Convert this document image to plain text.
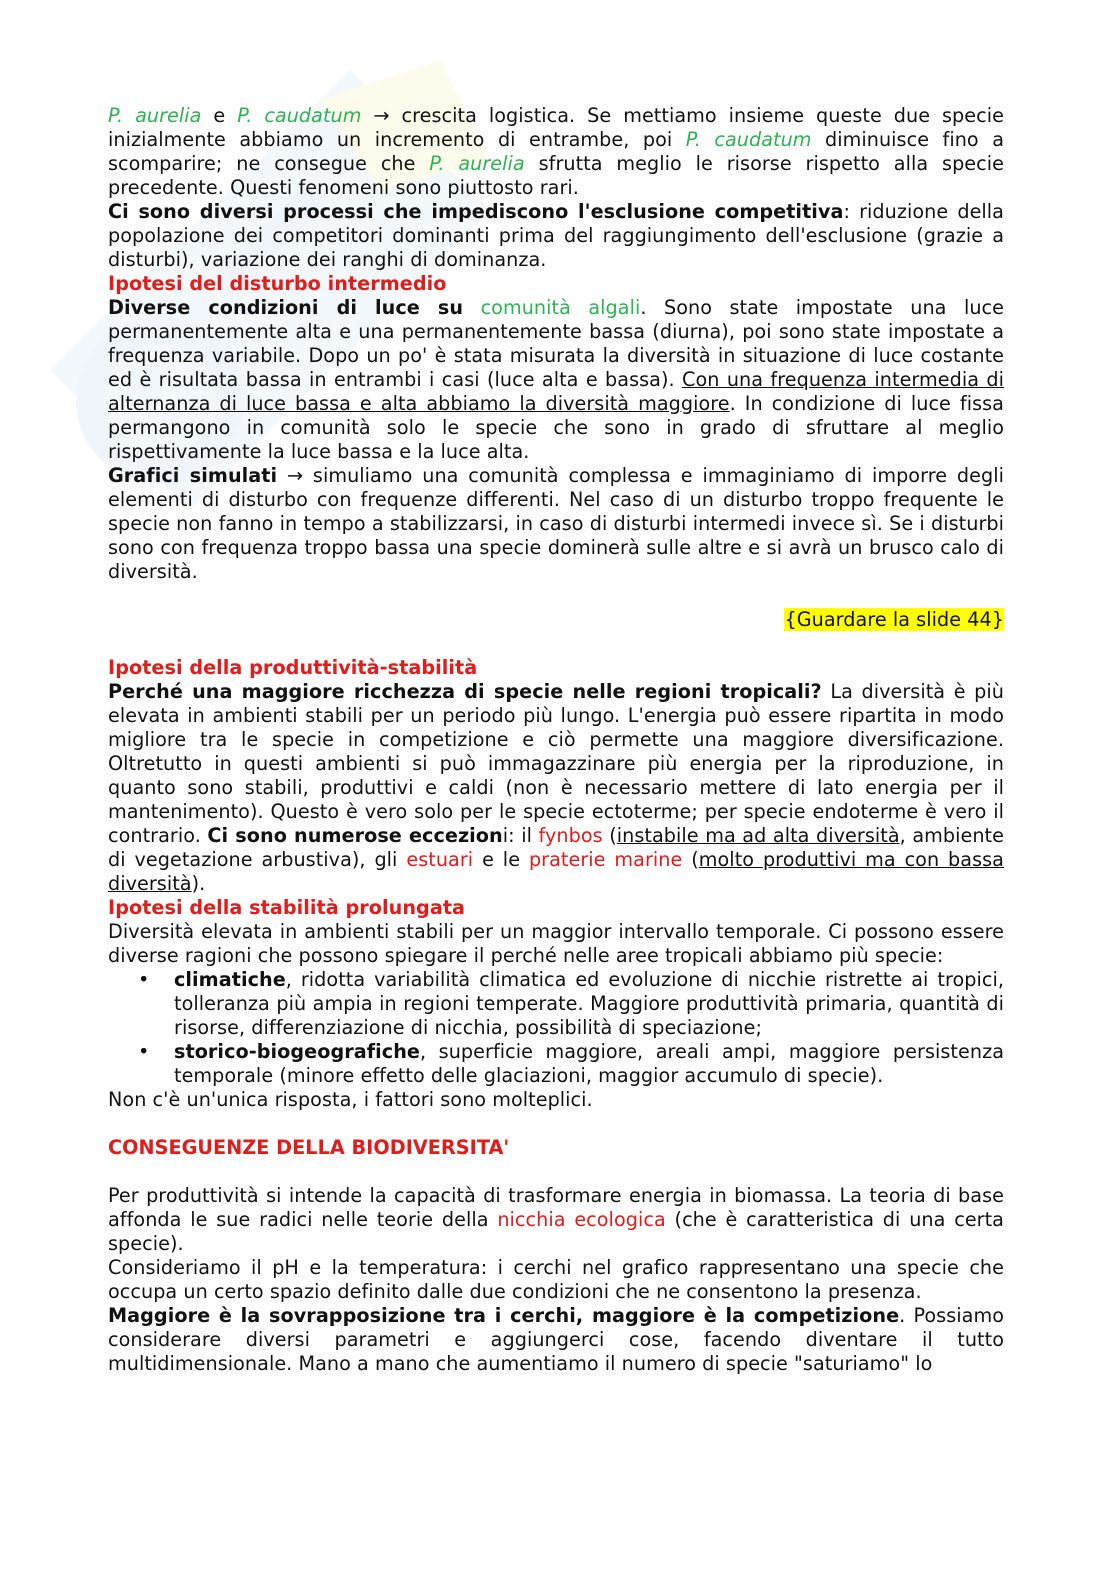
P. aurelia e P. caudatum → crescita logistica. Se mettiamo insieme queste due specie inizialmente abbiamo un incremento di entrambe, poi P. caudatum diminuisce fino a scomparire; ne consegue che P. aurelia sfrutta meglio le risorse rispetto alla specie precedente. Questi fenomeni sono piuttosto rari.

Ci sono diversi processi che impediscono l'esclusione competitiva: riduzione della popolazione dei competitori dominanti prima del raggiungimento dell'esclusione (grazie a disturbi), variazione dei ranghi di dominanza.

Ipotesi del disturbo intermedio

Diverse condizioni di luce su comunità algali. Sono state impostate una luce permanentemente alta e una permanentemente bassa (diurna), poi sono state impostate a frequenza variabile. Dopo un po' è stata misurata la diversità in situazione di luce costante ed è risultata bassa in entrambi i casi (luce alta e bassa). Con una frequenza intermedia di alternanza di luce bassa e alta abbiamo la diversità maggiore. In condizione di luce fissa permangono in comunità solo le specie che sono in grado di sfruttare al meglio rispettivamente la luce bassa e la luce alta.

Grafici simulati → simuliamo una comunità complessa e immaginiamo di imporre degli elementi di disturbo con frequenze differenti. Nel caso di un disturbo troppo frequente le specie non fanno in tempo a stabilizzarsi, in caso di disturbi intermedi invece sì. Se i disturbi sono con frequenza troppo bassa una specie dominerà sulle altre e si avrà un brusco calo di diversità.

{Guardare la slide 44}

Ipotesi della produttività-stabilità

Perché una maggiore ricchezza di specie nelle regioni tropicali? La diversità è più elevata in ambienti stabili per un periodo più lungo. L'energia può essere ripartita in modo migliore tra le specie in competizione e ciò permette una maggiore diversificazione. Oltretutto in questi ambienti si può immagazzinare più energia per la riproduzione, in quanto sono stabili, produttivi e caldi (non è necessario mettere di lato energia per il mantenimento). Questo è vero solo per le specie ectoterme; per specie endoterme è vero il contrario. Ci sono numerose eccezioni: il fynbos (instabile ma ad alta diversità, ambiente di vegetazione arbustiva), gli estuari e le praterie marine (molto produttivi ma con bassa diversità).

Ipotesi della stabilità prolungata

Diversità elevata in ambienti stabili per un maggior intervallo temporale. Ci possono essere diverse ragioni che possono spiegare il perché nelle aree tropicali abbiamo più specie:

• climatiche, ridotta variabilità climatica ed evoluzione di nicchie ristrette ai tropici, tolleranza più ampia in regioni temperate. Maggiore produttività primaria, quantità di risorse, differenziazione di nicchia, possibilità di speciazione;
• storico-biogeografiche, superficie maggiore, areali ampi, maggiore persistenza temporale (minore effetto delle glaciazioni, maggior accumulo di specie).

Non c'è un'unica risposta, i fattori sono molteplici.

CONSEGUENZE DELLA BIODIVERSITA'

Per produttività si intende la capacità di trasformare energia in biomassa. La teoria di base affonda le sue radici nelle teorie della nicchia ecologica (che è caratteristica di una certa specie).

Consideriamo il pH e la temperatura: i cerchi nel grafico rappresentano una specie che occupa un certo spazio definito dalle due condizioni che ne consentono la presenza.

Maggiore è la sovrapposizione tra i cerchi, maggiore è la competizione. Possiamo considerare diversi parametri e aggiungerci cose, facendo diventare il tutto multidimensionale. Mano a mano che aumentiamo il numero di specie "saturiamo" lo
